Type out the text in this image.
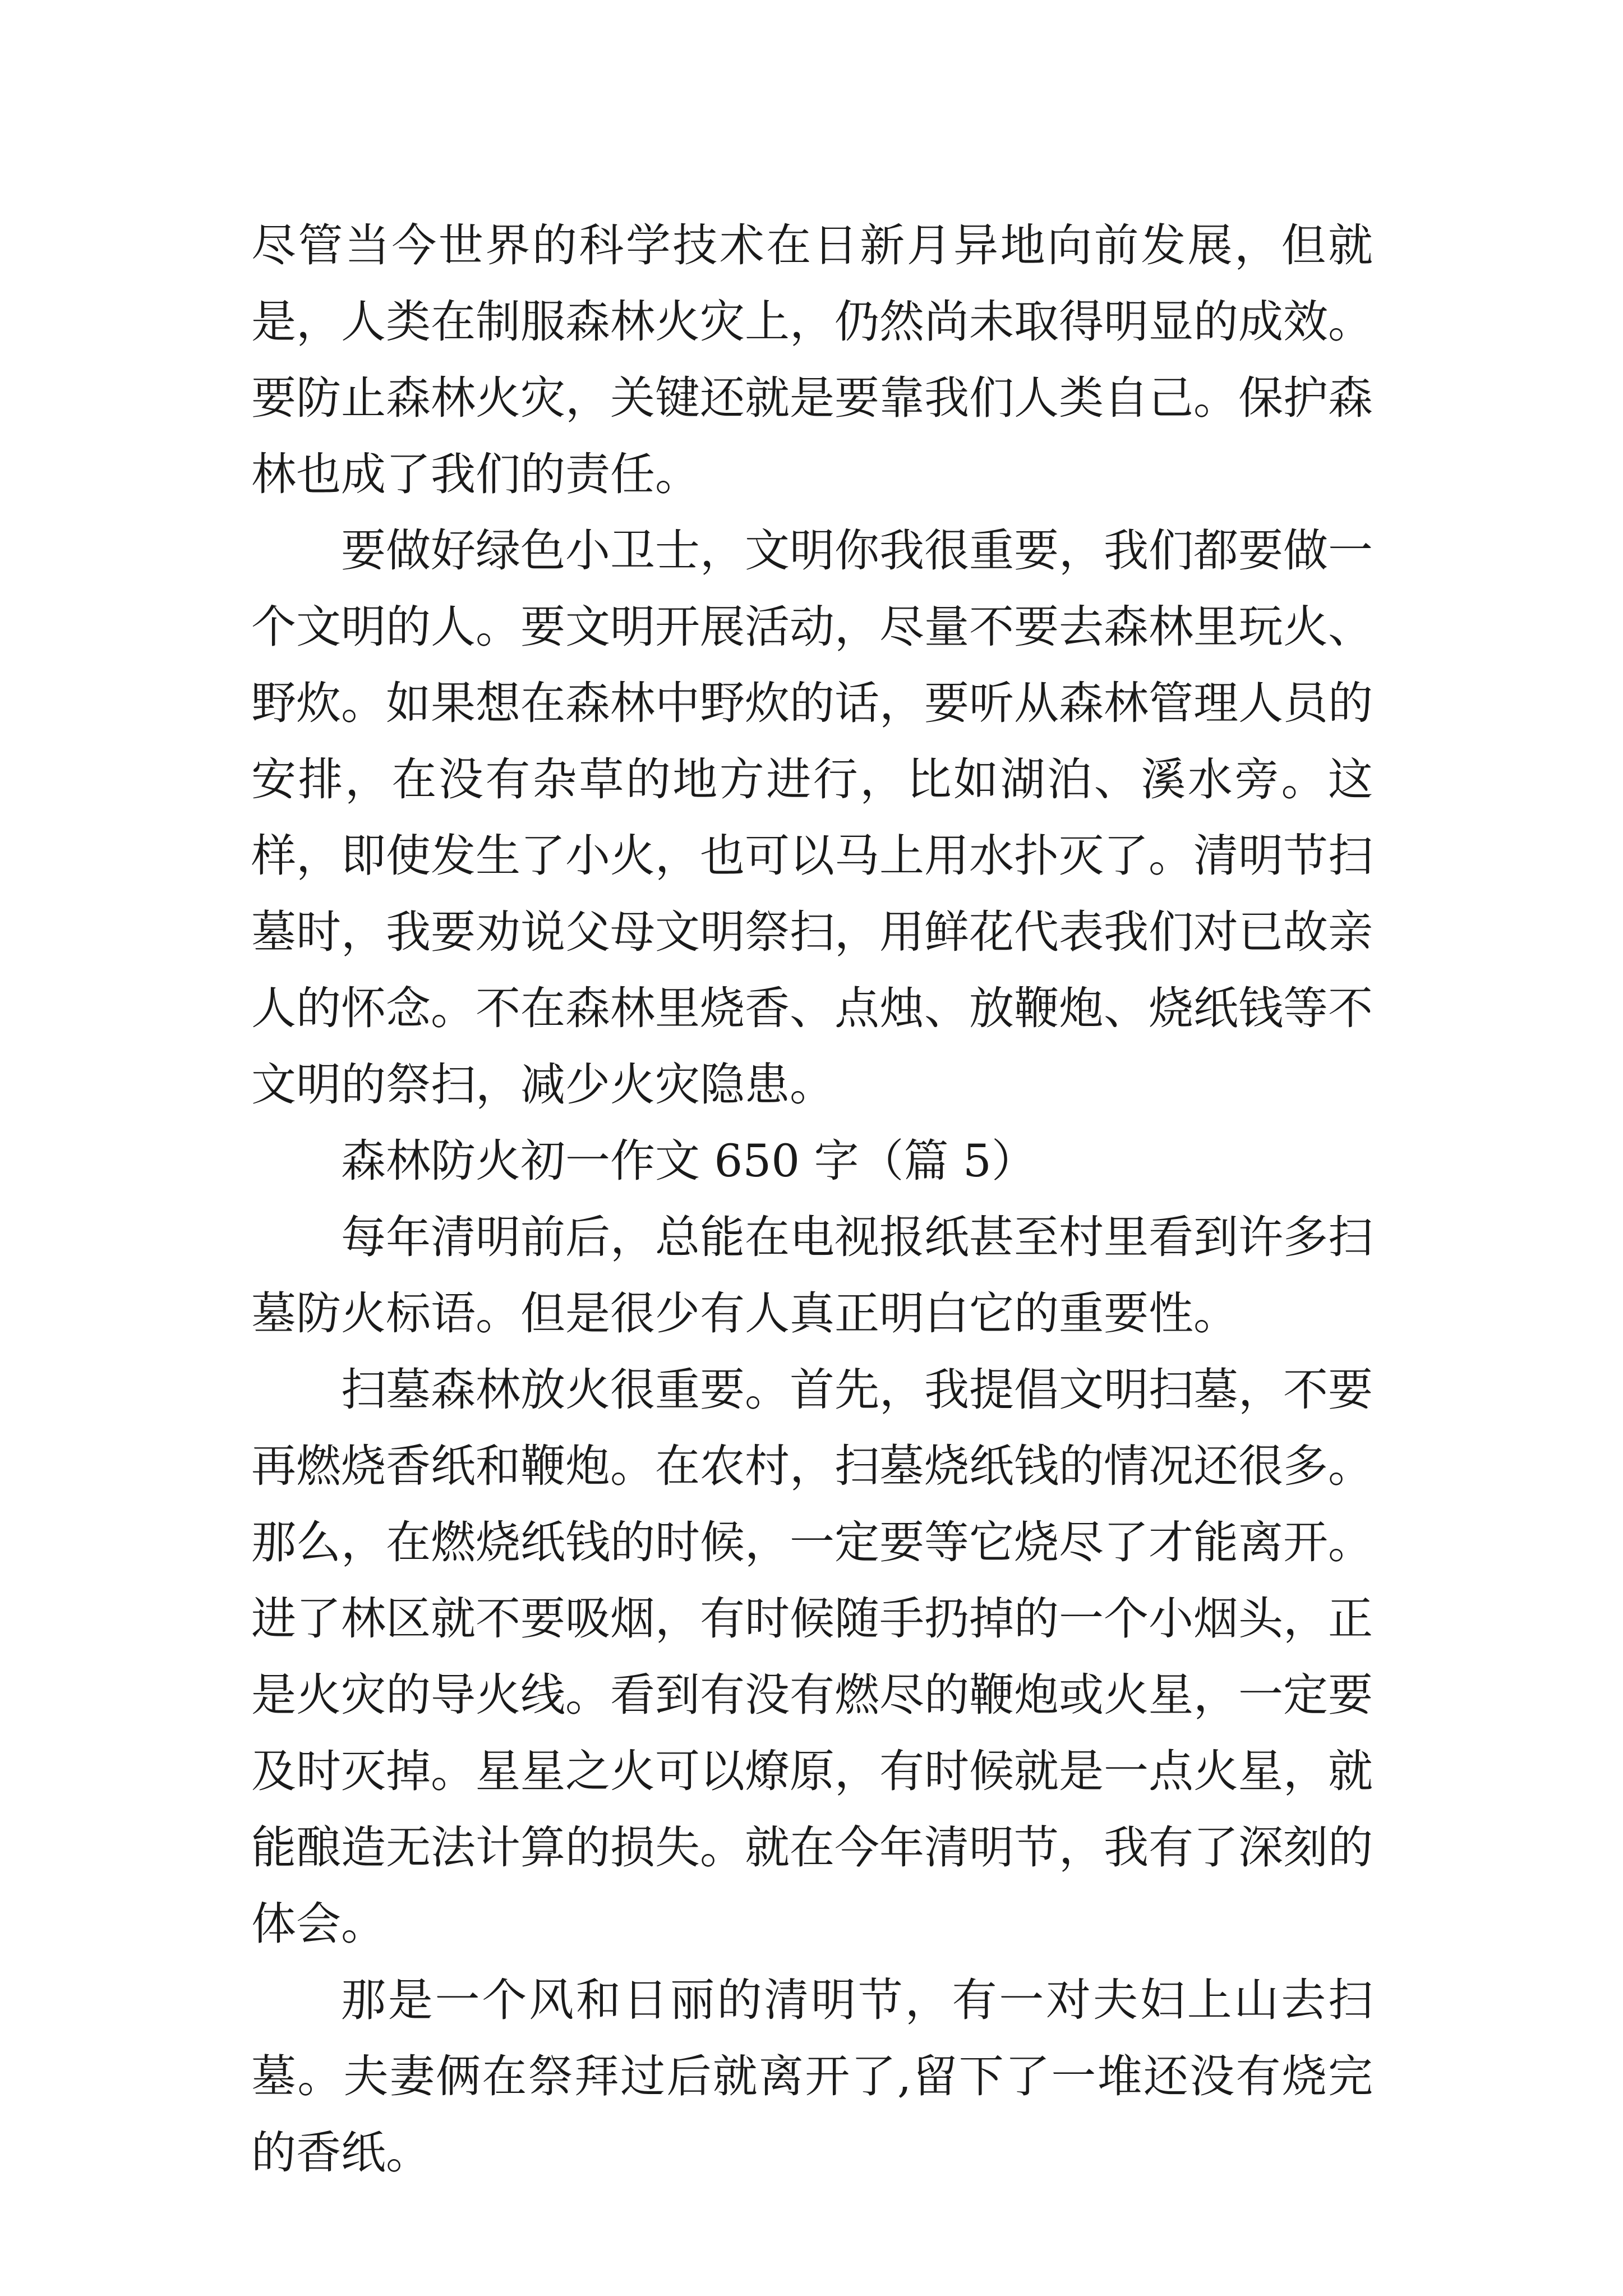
尽管当今世界的科学技术在日新月异地向前发展，但就是，人类在制服森林火灾上，仍然尚未取得明显的成效。要防止森林火灾，关键还就是要靠我们人类自己。保护森林也成了我们的责任。

要做好绿色小卫士，文明你我很重要，我们都要做一个文明的人。要文明开展活动，尽量不要去森林里玩火、野炊。如果想在森林中野炊的话，要听从森林管理人员的安排，在没有杂草的地方进行，比如湖泊、溪水旁。这样，即使发生了小火，也可以马上用水扑灭了。清明节扫墓时，我要劝说父母文明祭扫，用鲜花代表我们对已故亲人的怀念。不在森林里烧香、点烛、放鞭炮、烧纸钱等不文明的祭扫，减少火灾隐患。

森林防火初一作文 650 字（篇 5）

每年清明前后，总能在电视报纸甚至村里看到许多扫墓防火标语。但是很少有人真正明白它的重要性。

扫墓森林放火很重要。首先，我提倡文明扫墓，不要再燃烧香纸和鞭炮。在农村，扫墓烧纸钱的情况还很多。那么，在燃烧纸钱的时候，一定要等它烧尽了才能离开。进了林区就不要吸烟，有时候随手扔掉的一个小烟头，正是火灾的导火线。看到有没有燃尽的鞭炮或火星，一定要及时灭掉。星星之火可以燎原，有时候就是一点火星，就能酿造无法计算的损失。就在今年清明节，我有了深刻的体会。

那是一个风和日丽的清明节，有一对夫妇上山去扫墓。夫妻俩在祭拜过后就离开了,留下了一堆还没有烧完的香纸。
